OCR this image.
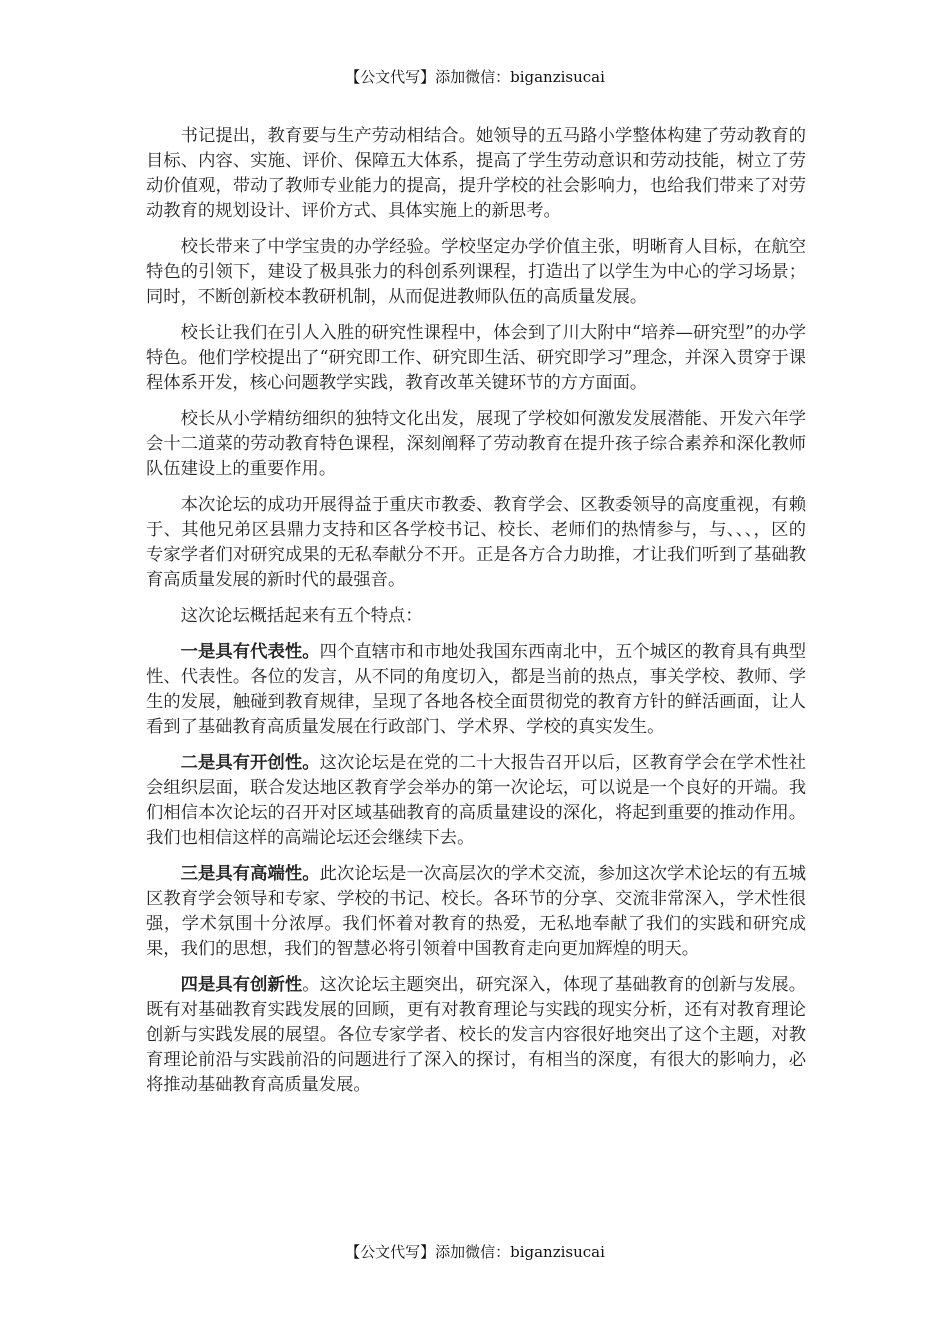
【公文代写】添加微信：biganzisucai

书记提出，教育要与生产劳动相结合。她领导的五马路小学整体构建了劳动教育的目标、内容、实施、评价、保障五大体系，提高了学生劳动意识和劳动技能，树立了劳动价值观，带动了教师专业能力的提高，提升学校的社会影响力，也给我们带来了对劳动教育的规划设计、评价方式、具体实施上的新思考。

校长带来了中学宝贵的办学经验。学校坚定办学价值主张，明晰育人目标，在航空特色的引领下，建设了极具张力的科创系列课程，打造出了以学生为中心的学习场景；同时，不断创新校本教研机制，从而促进教师队伍的高质量发展。

校长让我们在引人入胜的研究性课程中，体会到了川大附中“培养—研究型”的办学特色。他们学校提出了“研究即工作、研究即生活、研究即学习”理念，并深入贯穿于课程体系开发，核心问题教学实践，教育改革关键环节的方方面面。

校长从小学精纺细织的独特文化出发，展现了学校如何激发发展潜能、开发六年学会十二道菜的劳动教育特色课程，深刻阐释了劳动教育在提升孩子综合素养和深化教师队伍建设上的重要作用。

本次论坛的成功开展得益于重庆市教委、教育学会、区教委领导的高度重视，有赖于、其他兄弟区县鼎力支持和区各学校书记、校长、老师们的热情参与，与、、、，区的专家学者们对研究成果的无私奉献分不开。正是各方合力助推，才让我们听到了基础教育高质量发展的新时代的最强音。

这次论坛概括起来有五个特点：

一是具有代表性。四个直辖市和市地处我国东西南北中，五个城区的教育具有典型性、代表性。各位的发言，从不同的角度切入，都是当前的热点，事关学校、教师、学生的发展，触碰到教育规律，呈现了各地各校全面贯彻党的教育方针的鲜活画面，让人看到了基础教育高质量发展在行政部门、学术界、学校的真实发生。

二是具有开创性。这次论坛是在党的二十大报告召开以后，区教育学会在学术性社会组织层面，联合发达地区教育学会举办的第一次论坛，可以说是一个良好的开端。我们相信本次论坛的召开对区域基础教育的高质量建设的深化，将起到重要的推动作用。我们也相信这样的高端论坛还会继续下去。

三是具有高端性。此次论坛是一次高层次的学术交流，参加这次学术论坛的有五城区教育学会领导和专家、学校的书记、校长。各环节的分享、交流非常深入，学术性很强，学术氛围十分浓厚。我们怀着对教育的热爱，无私地奉献了我们的实践和研究成果，我们的思想，我们的智慧必将引领着中国教育走向更加辉煌的明天。

四是具有创新性。这次论坛主题突出，研究深入，体现了基础教育的创新与发展。既有对基础教育实践发展的回顾，更有对教育理论与实践的现实分析，还有对教育理论创新与实践发展的展望。各位专家学者、校长的发言内容很好地突出了这个主题，对教育理论前沿与实践前沿的问题进行了深入的探讨，有相当的深度，有很大的影响力，必将推动基础教育高质量发展。

【公文代写】添加微信：biganzisucai
